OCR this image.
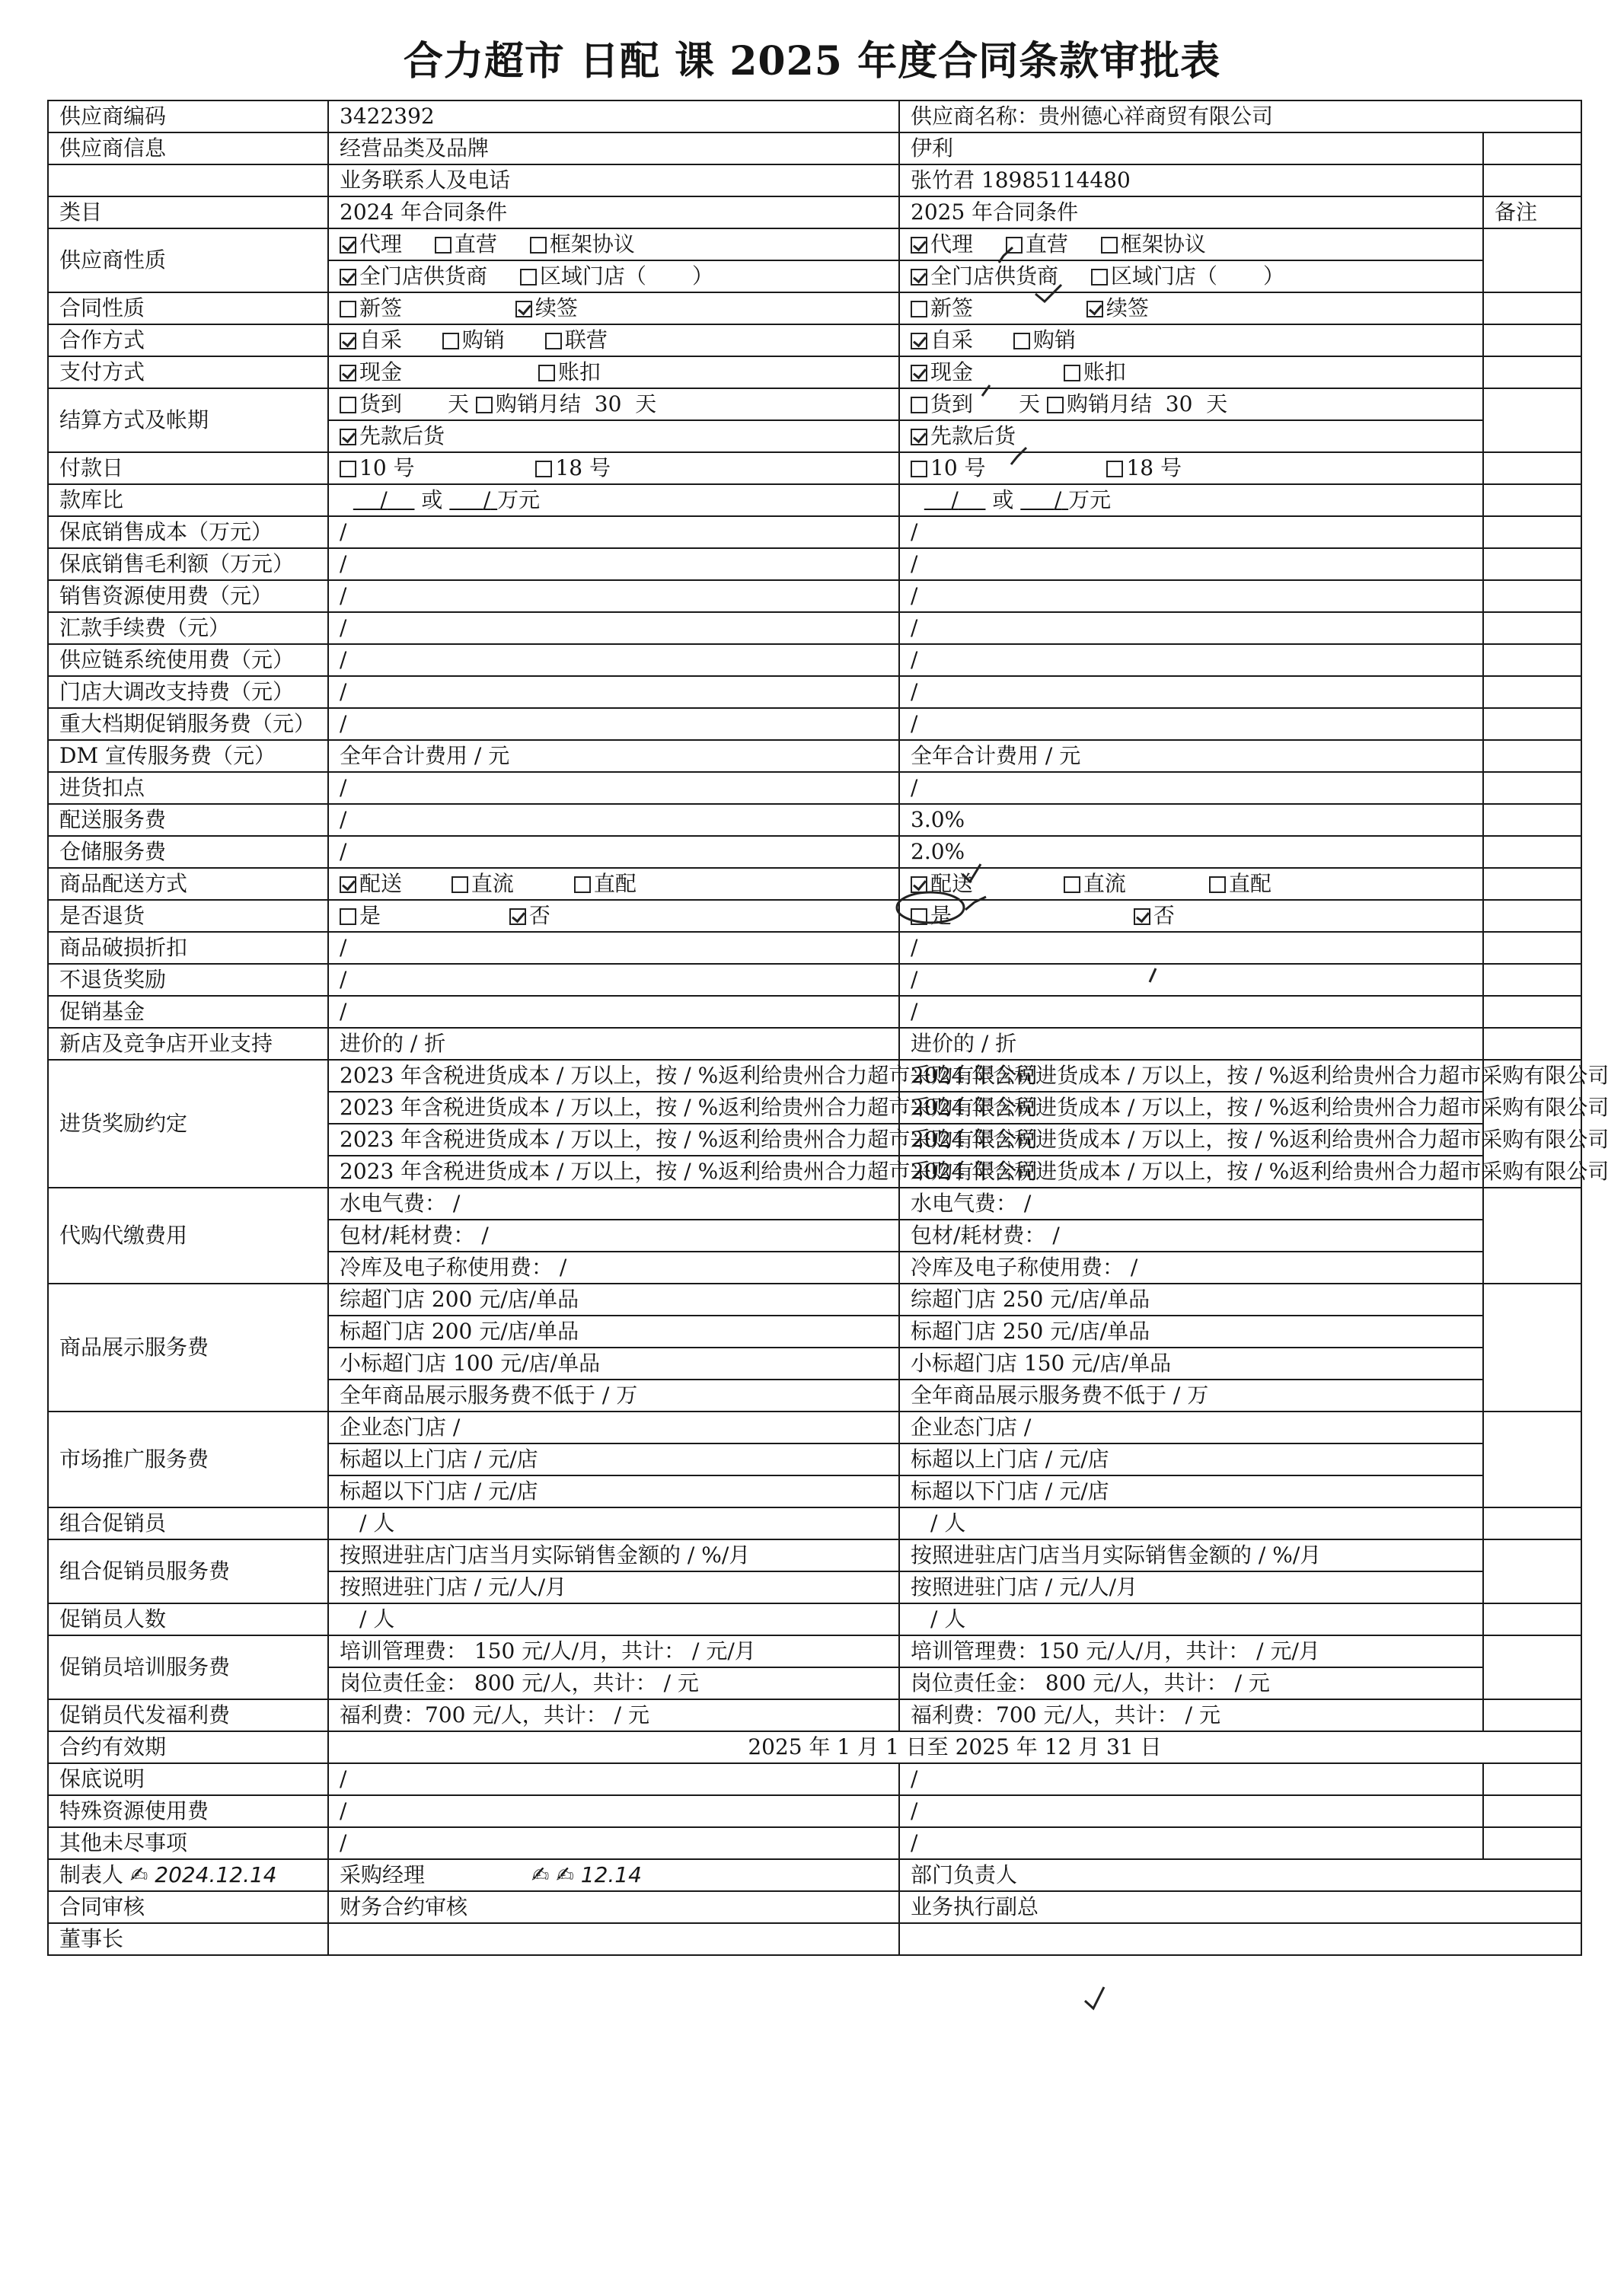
合力超市 日配 课 2025 年度合同条款审批表
供应商编码	3422392	供应商名称：贵州德心祥商贸有限公司	
供应商信息	经营品类及品牌	伊利	
	业务联系人及电话	张竹君 18985114480	
类目	2024 年合同条件	2025 年合同条件	备注
供应商性质	代理 直营 框架协议	代理 直营 框架协议	
	全门店供货商 区域门店（ ）	全门店供货商 区域门店（ ）	
合同性质	新签 续签	新签 续签	
合作方式	自采 购销 联营	自采 购销	
支付方式	现金 账扣	现金 账扣	
结算方式及帐期	货到 天 购销月结 30 天	货到 天 购销月结 30 天	
	先款后货	先款后货	
付款日	10 号 18 号	10 号 18 号	
款库比	/ 或 / 万元	/ 或 / 万元	
保底销售成本（万元）	/	/	
保底销售毛利额（万元）	/	/	
销售资源使用费（元）	/	/	
汇款手续费（元）	/	/	
供应链系统使用费（元）	/	/	
门店大调改支持费（元）	/	/	
重大档期促销服务费（元）	/	/	
DM 宣传服务费（元）	全年合计费用 / 元	全年合计费用 / 元	
进货扣点	/	/	
配送服务费	/	3.0%	
仓储服务费	/	2.0%	
商品配送方式	配送 直流 直配	配送 直流 直配	
是否退货	是 否	是 否	
商品破损折扣	/	/	
不退货奖励	/	/	
促销基金	/	/	
新店及竞争店开业支持	进价的 / 折	进价的 / 折	
进货奖励约定	2023 年含税进货成本 / 万以上，按 / %返利给贵州合力超市采购有限公司	2024 年含税进货成本 / 万以上，按 / %返利给贵州合力超市采购有限公司	
	2023 年含税进货成本 / 万以上，按 / %返利给贵州合力超市采购有限公司	2024 年含税进货成本 / 万以上，按 / %返利给贵州合力超市采购有限公司	
	2023 年含税进货成本 / 万以上，按 / %返利给贵州合力超市采购有限公司	2024 年含税进货成本 / 万以上，按 / %返利给贵州合力超市采购有限公司	
	2023 年含税进货成本 / 万以上，按 / %返利给贵州合力超市采购有限公司	2024 年含税进货成本 / 万以上，按 / %返利给贵州合力超市采购有限公司	
代购代缴费用	水电气费： /	水电气费： /	
	包材/耗材费： /	包材/耗材费： /	
	冷库及电子称使用费： /	冷库及电子称使用费： /	
商品展示服务费	综超门店 200 元/店/单品	综超门店 250 元/店/单品	
	标超门店 200 元/店/单品	标超门店 250 元/店/单品	
	小标超门店 100 元/店/单品	小标超门店 150 元/店/单品	
	全年商品展示服务费不低于 / 万	全年商品展示服务费不低于 / 万	
市场推广服务费	企业态门店 /	企业态门店 /	
	标超以上门店 / 元/店	标超以上门店 / 元/店	
	标超以下门店 / 元/店	标超以下门店 / 元/店	
组合促销员	/ 人	/ 人	
组合促销员服务费	按照进驻店门店当月实际销售金额的 / %/月	按照进驻店门店当月实际销售金额的 / %/月	
	按照进驻门店 / 元/人/月	按照进驻门店 / 元/人/月	
促销员人数	/ 人	/ 人	
促销员培训服务费	培训管理费： 150 元/人/月，共计： / 元/月	培训管理费：150 元/人/月，共计： / 元/月	
	岗位责任金： 800 元/人，共计： / 元	岗位责任金： 800 元/人，共计： / 元	
促销员代发福利费	福利费：700 元/人，共计： / 元	福利费：700 元/人，共计： / 元	
合约有效期	2025 年 1 月 1 日至 2025 年 12 月 31 日		
保底说明	/	/	
特殊资源使用费	/	/	
其他未尽事项	/	/	
制表人 ✍ 2024.12.14	采购经理 ✍ ✍ 12.14	部门负责人	
合同审核	财务合约审核	业务执行副总	
董事长			
